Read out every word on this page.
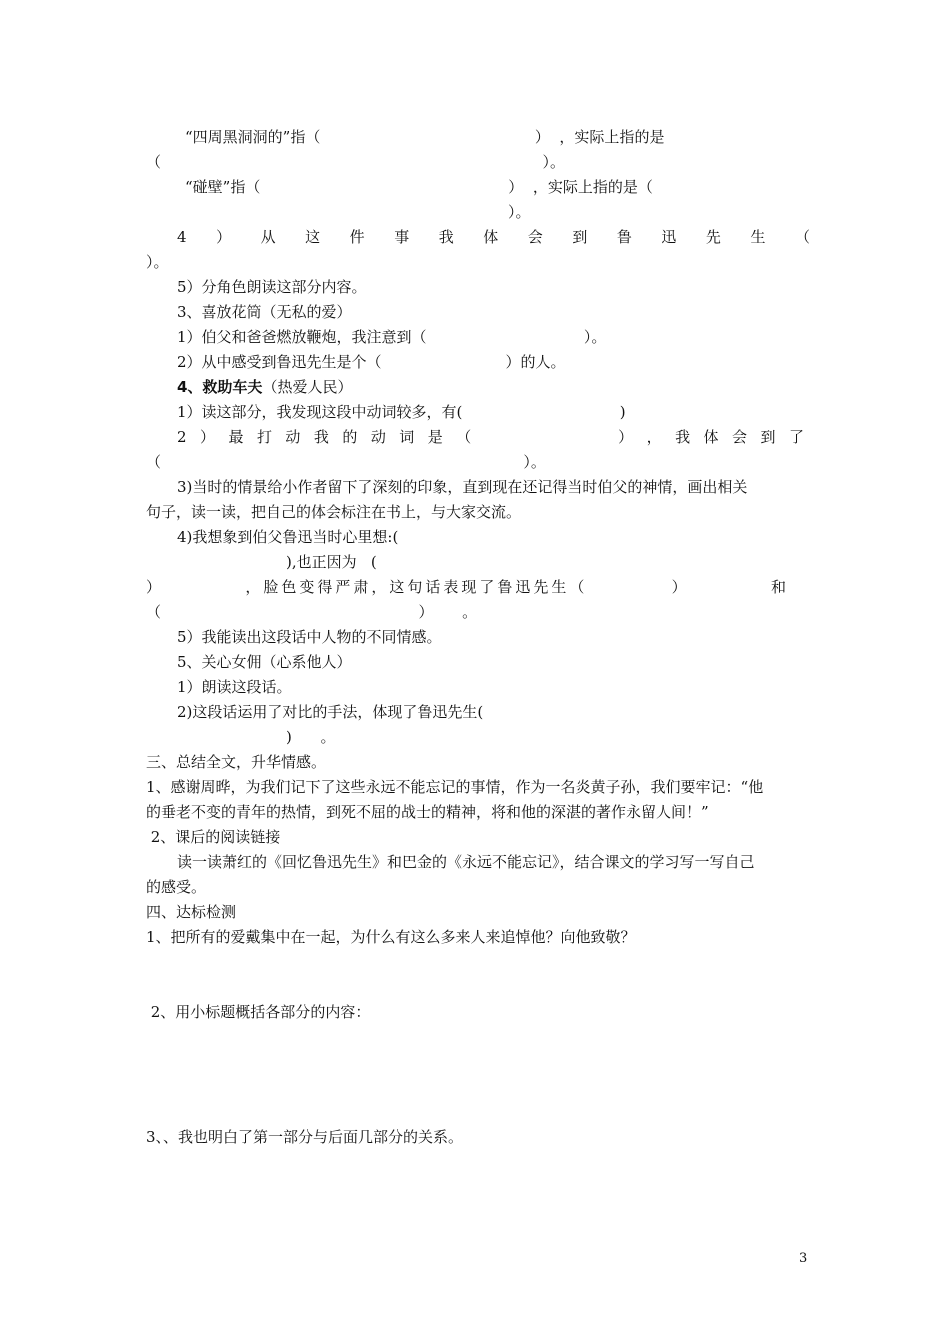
“四周黑洞洞的”指（                                             ）  ，实际上指的是
（                                                                                ）。
“碰壁”指（                                                    ）  ，实际上指的是（
）。
4 ） 从 这 件 事 我 体 会 到 鲁 迅 先 生 （
）。
5）分角色朗读这部分内容。
3、喜放花筒（无私的爱）
1）伯父和爸爸燃放鞭炮，我注意到（                                 ）。
2）从中感受到鲁迅先生是个（                          ）的人。
4、救助车夫（热爱人民）
1）读这部分，我发现这段中动词较多，有(                                 )
2 ） 最 打 动 我 的 动 词 是 （	） ， 我 体 会 到 了
（                                                                            ）。
3)当时的情景给小作者留下了深刻的印象，直到现在还记得当时伯父的神情，画出相关
句子，读一读，把自己的体会标注在书上，与大家交流。
4)我想象到伯父鲁迅当时心里想:(
),也正因为   (
）	，脸色变得严肃，这句话表现了鲁迅先生（	）	和
（                                                      ）      。
5）我能读出这段话中人物的不同情感。
5、关心女佣（心系他人）
1）朗读这段话。
2)这段话运用了对比的手法，体现了鲁迅先生(
)      。
三、总结全文，升华情感。
1、感谢周晔，为我们记下了这些永远不能忘记的事情，作为一名炎黄子孙，我们要牢记：“他
的垂老不变的青年的热情，到死不屈的战士的精神，将和他的深湛的著作永留人间！”
2、课后的阅读链接
读一读萧红的《回忆鲁迅先生》和巴金的《永远不能忘记》，结合课文的学习写一写自己
的感受。
四、达标检测
1、把所有的爱戴集中在一起，为什么有这么多来人来追悼他？向他致敬？
2、用小标题概括各部分的内容：
3、、我也明白了第一部分与后面几部分的关系。
3
